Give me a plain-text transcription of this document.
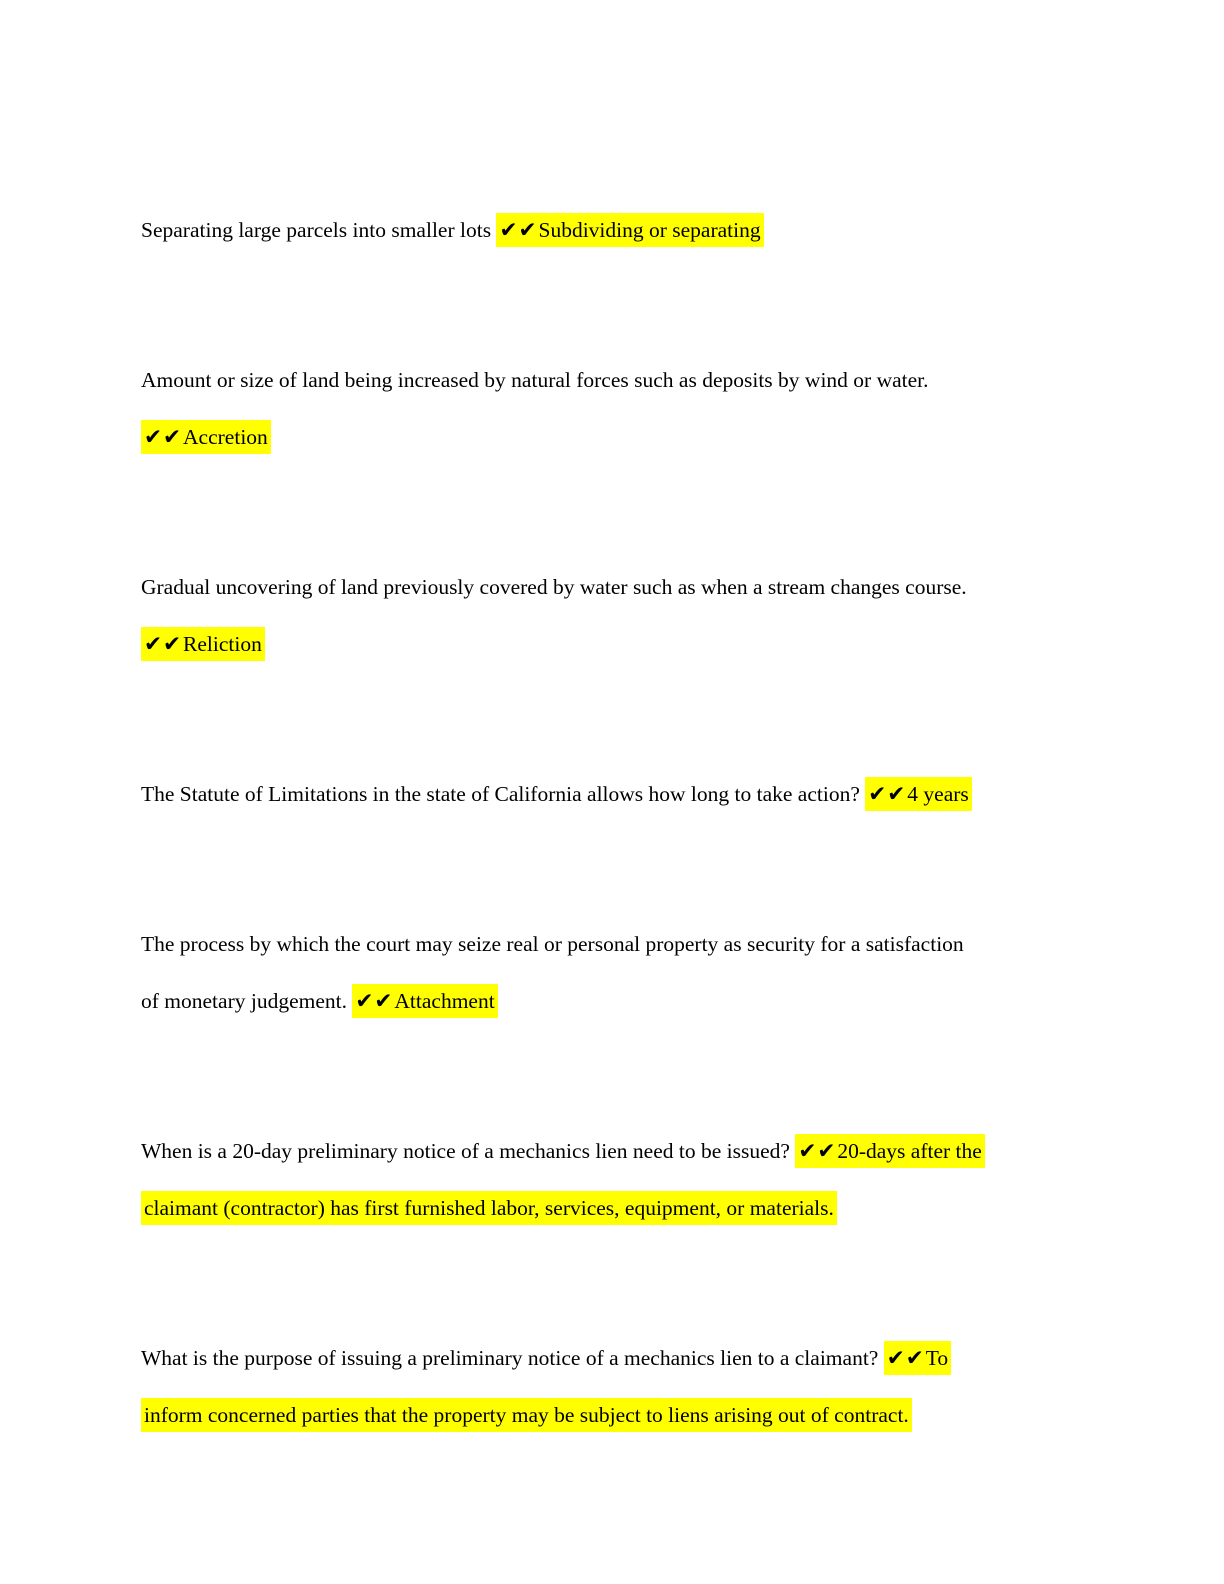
Separating large parcels into smaller lots ✔✔Subdividing or separating

Amount or size of land being increased by natural forces such as deposits by wind or water.
✔✔Accretion

Gradual uncovering of land previously covered by water such as when a stream changes course.
✔✔Reliction

The Statute of Limitations in the state of California allows how long to take action? ✔✔4 years

The process by which the court may seize real or personal property as security for a satisfaction
of monetary judgement. ✔✔Attachment

When is a 20-day preliminary notice of a mechanics lien need to be issued? ✔✔20-days after the
claimant (contractor) has first furnished labor, services, equipment, or materials.

What is the purpose of issuing a preliminary notice of a mechanics lien to a claimant? ✔✔To
inform concerned parties that the property may be subject to liens arising out of contract.
